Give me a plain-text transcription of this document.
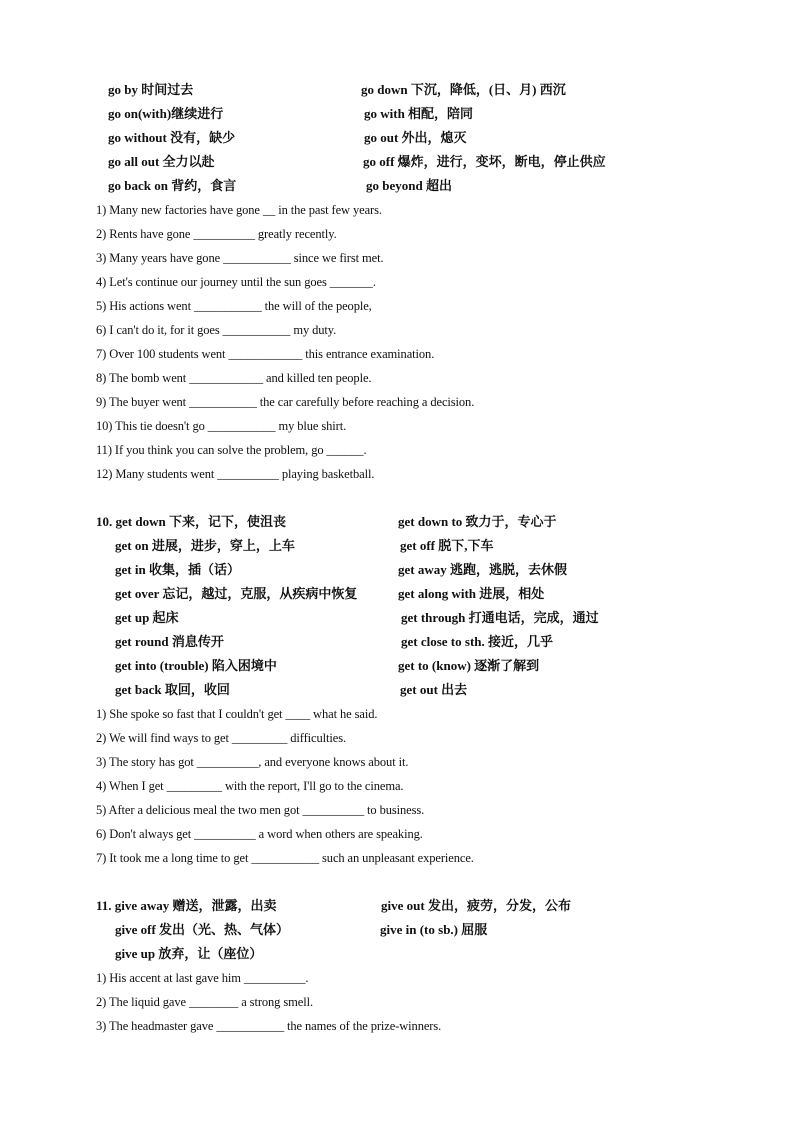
go by 时间过去
go on(with)继续进行
go without 没有，缺少
go all out 全力以赴
go back on 背约，食言
go down 下沉，降低，(日、月) 西沉
go with 相配，陪同
go out 外出，熄灭
go off 爆炸，进行，变坏，断电，停止供应
go beyond 超出
1) Many new factories have gone __ in the past few years.
2) Rents have gone __________ greatly recently.
3) Many years have gone ___________ since we first met.
4) Let's continue our journey until the sun goes _______.
5) His actions went ___________ the will of the people,
6) I can't do it, for it goes ___________ my duty.
7) Over 100 students went ____________ this entrance examination.
8) The bomb went ____________ and killed ten people.
9) The buyer went ___________ the car carefully before reaching a decision.
10) This tie doesn't go ___________ my blue shirt.
11) If you think you can solve the problem, go ______.
12) Many students went __________ playing basketball.
10. get down 下来，记下，使沮丧
get on 进展，进步，穿上，上车
get in 收集，插（话）
get over 忘记，越过，克服，从疾病中恢复
get up 起床
get round 消息传开
get into (trouble) 陷入困境中
get back 取回，收回
get down to 致力于，专心于
get off 脱下,下车
get away 逃跑，逃脱，去休假
get along with 进展，相处
get through 打通电话，完成，通过
get close to sth. 接近，几乎
get to (know) 逐渐了解到
get out 出去
1) She spoke so fast that I couldn't get ____ what he said.
2) We will find ways to get _________ difficulties.
3) The story has got __________, and everyone knows about it.
4) When I get _________ with the report, I'll go to the cinema.
5) After a delicious meal the two men got __________ to business.
6) Don't always get __________ a word when others are speaking.
7) It took me a long time to get ___________ such an unpleasant experience.
11. give away 赠送，泄露，出卖
give off 发出（光、热、气体）
give up 放弃，让（座位）
give out 发出，疲劳，分发，公布
give in (to sb.) 屈服
1) His accent at last gave him __________.
2) The liquid gave ________ a strong smell.
3) The headmaster gave ___________ the names of the prize-winners.
